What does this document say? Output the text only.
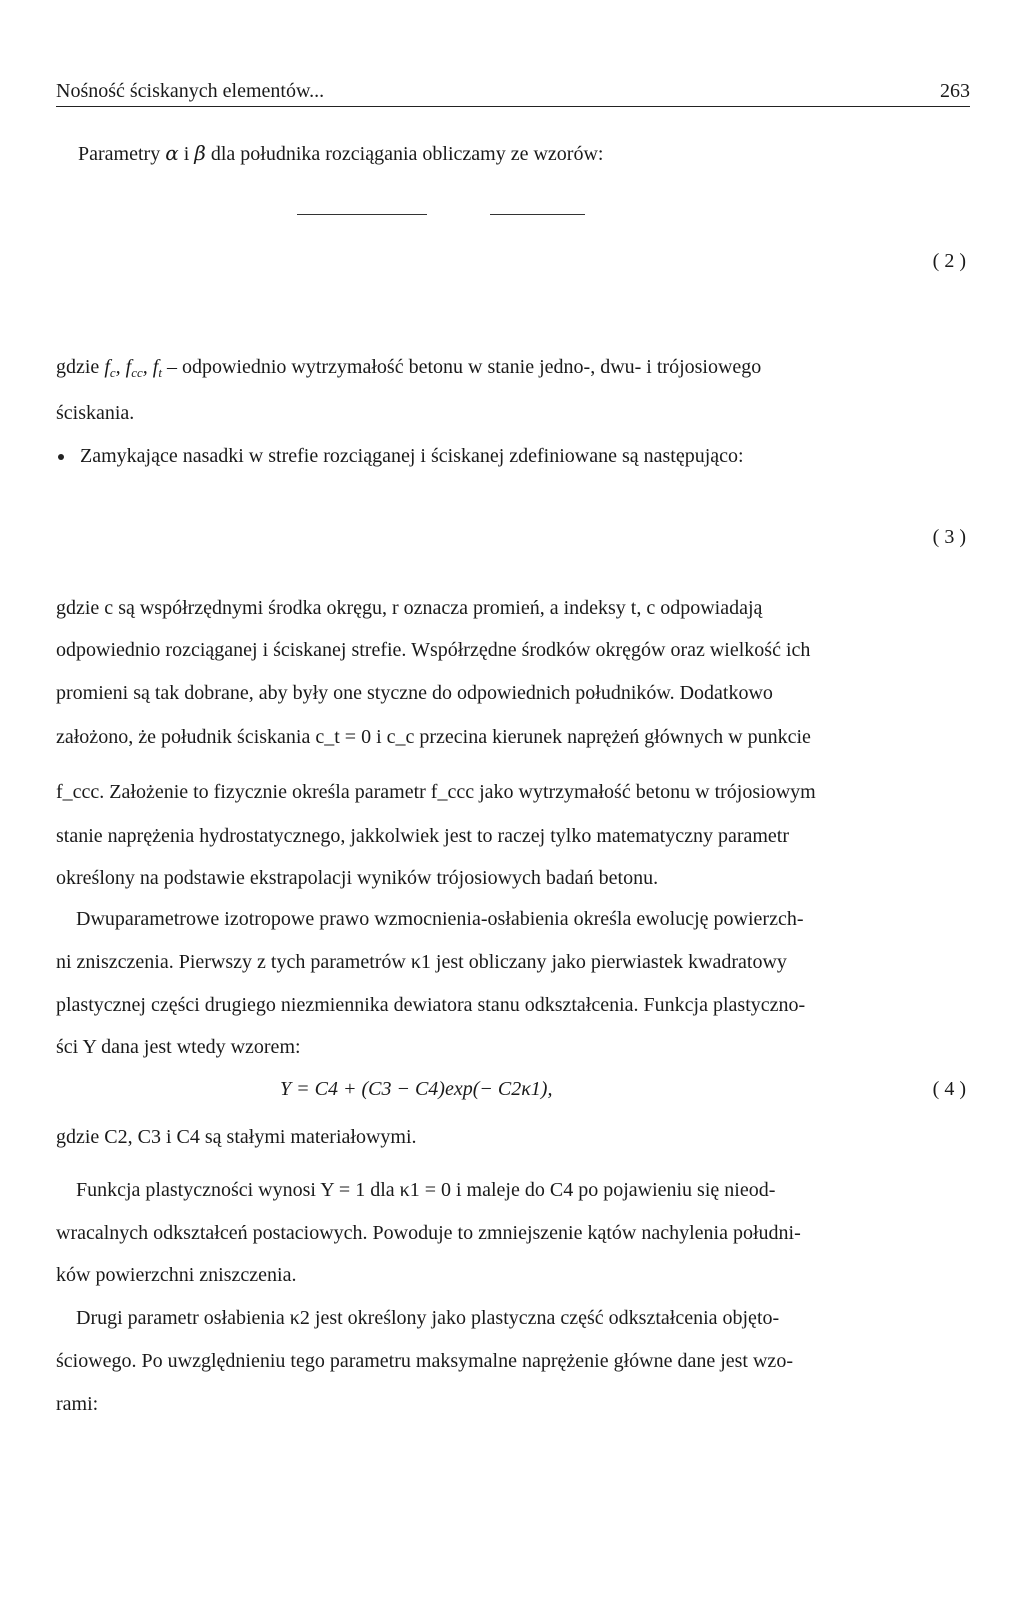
Nośność ściskanych elementów...	263
Parametry α i β dla południka rozciągania obliczamy ze wzorów:
( 2 )
gdzie $f_c$, $f_{cc}$, $f_t$ – odpowiednio wytrzymałość betonu w stanie jedno-, dwu- i trójosiowego
ściskania.
Zamykające nasadki w strefie rozciąganej i ściskanej zdefiniowane są następująco:
( 3 )
gdzie c są współrzędnymi środka okręgu, r oznacza promień, a indeksy t, c odpowiadają
odpowiednio rozciąganej i ściskanej strefie. Współrzędne środków okręgów oraz wielkość ich
promieni są tak dobrane, aby były one styczne do odpowiednich południków. Dodatkowo
założono, że południk ściskania c_t = 0 i c_c przecina kierunek naprężeń głównych w punkcie
f_ccc. Założenie to fizycznie określa parametr f_ccc jako wytrzymałość betonu w trójosiowym
stanie naprężenia hydrostatycznego, jakkolwiek jest to raczej tylko matematyczny parametr
określony na podstawie ekstrapolacji wyników trójosiowych badań betonu.
Dwuparametrowe izotropowe prawo wzmocnienia-osłabienia określa ewolucję powierzch-
ni zniszczenia. Pierwszy z tych parametrów κ1 jest obliczany jako pierwiastek kwadratowy
plastycznej części drugiego niezmiennika dewiatora stanu odkształcenia. Funkcja plastyczno-
ści Y dana jest wtedy wzorem:
Y = C4 + (C3 − C4)exp(− C2κ1),	( 4 )
gdzie C2, C3 i C4 są stałymi materiałowymi.
Funkcja plastyczności wynosi Y = 1 dla κ1 = 0 i maleje do C4 po pojawieniu się nieod-
wracalnych odkształceń postaciowych. Powoduje to zmniejszenie kątów nachylenia południ-
ków powierzchni zniszczenia.
Drugi parametr osłabienia κ2 jest określony jako plastyczna część odkształcenia objęto-
ściowego. Po uwzględnieniu tego parametru maksymalne naprężenie główne dane jest wzo-
rami:
